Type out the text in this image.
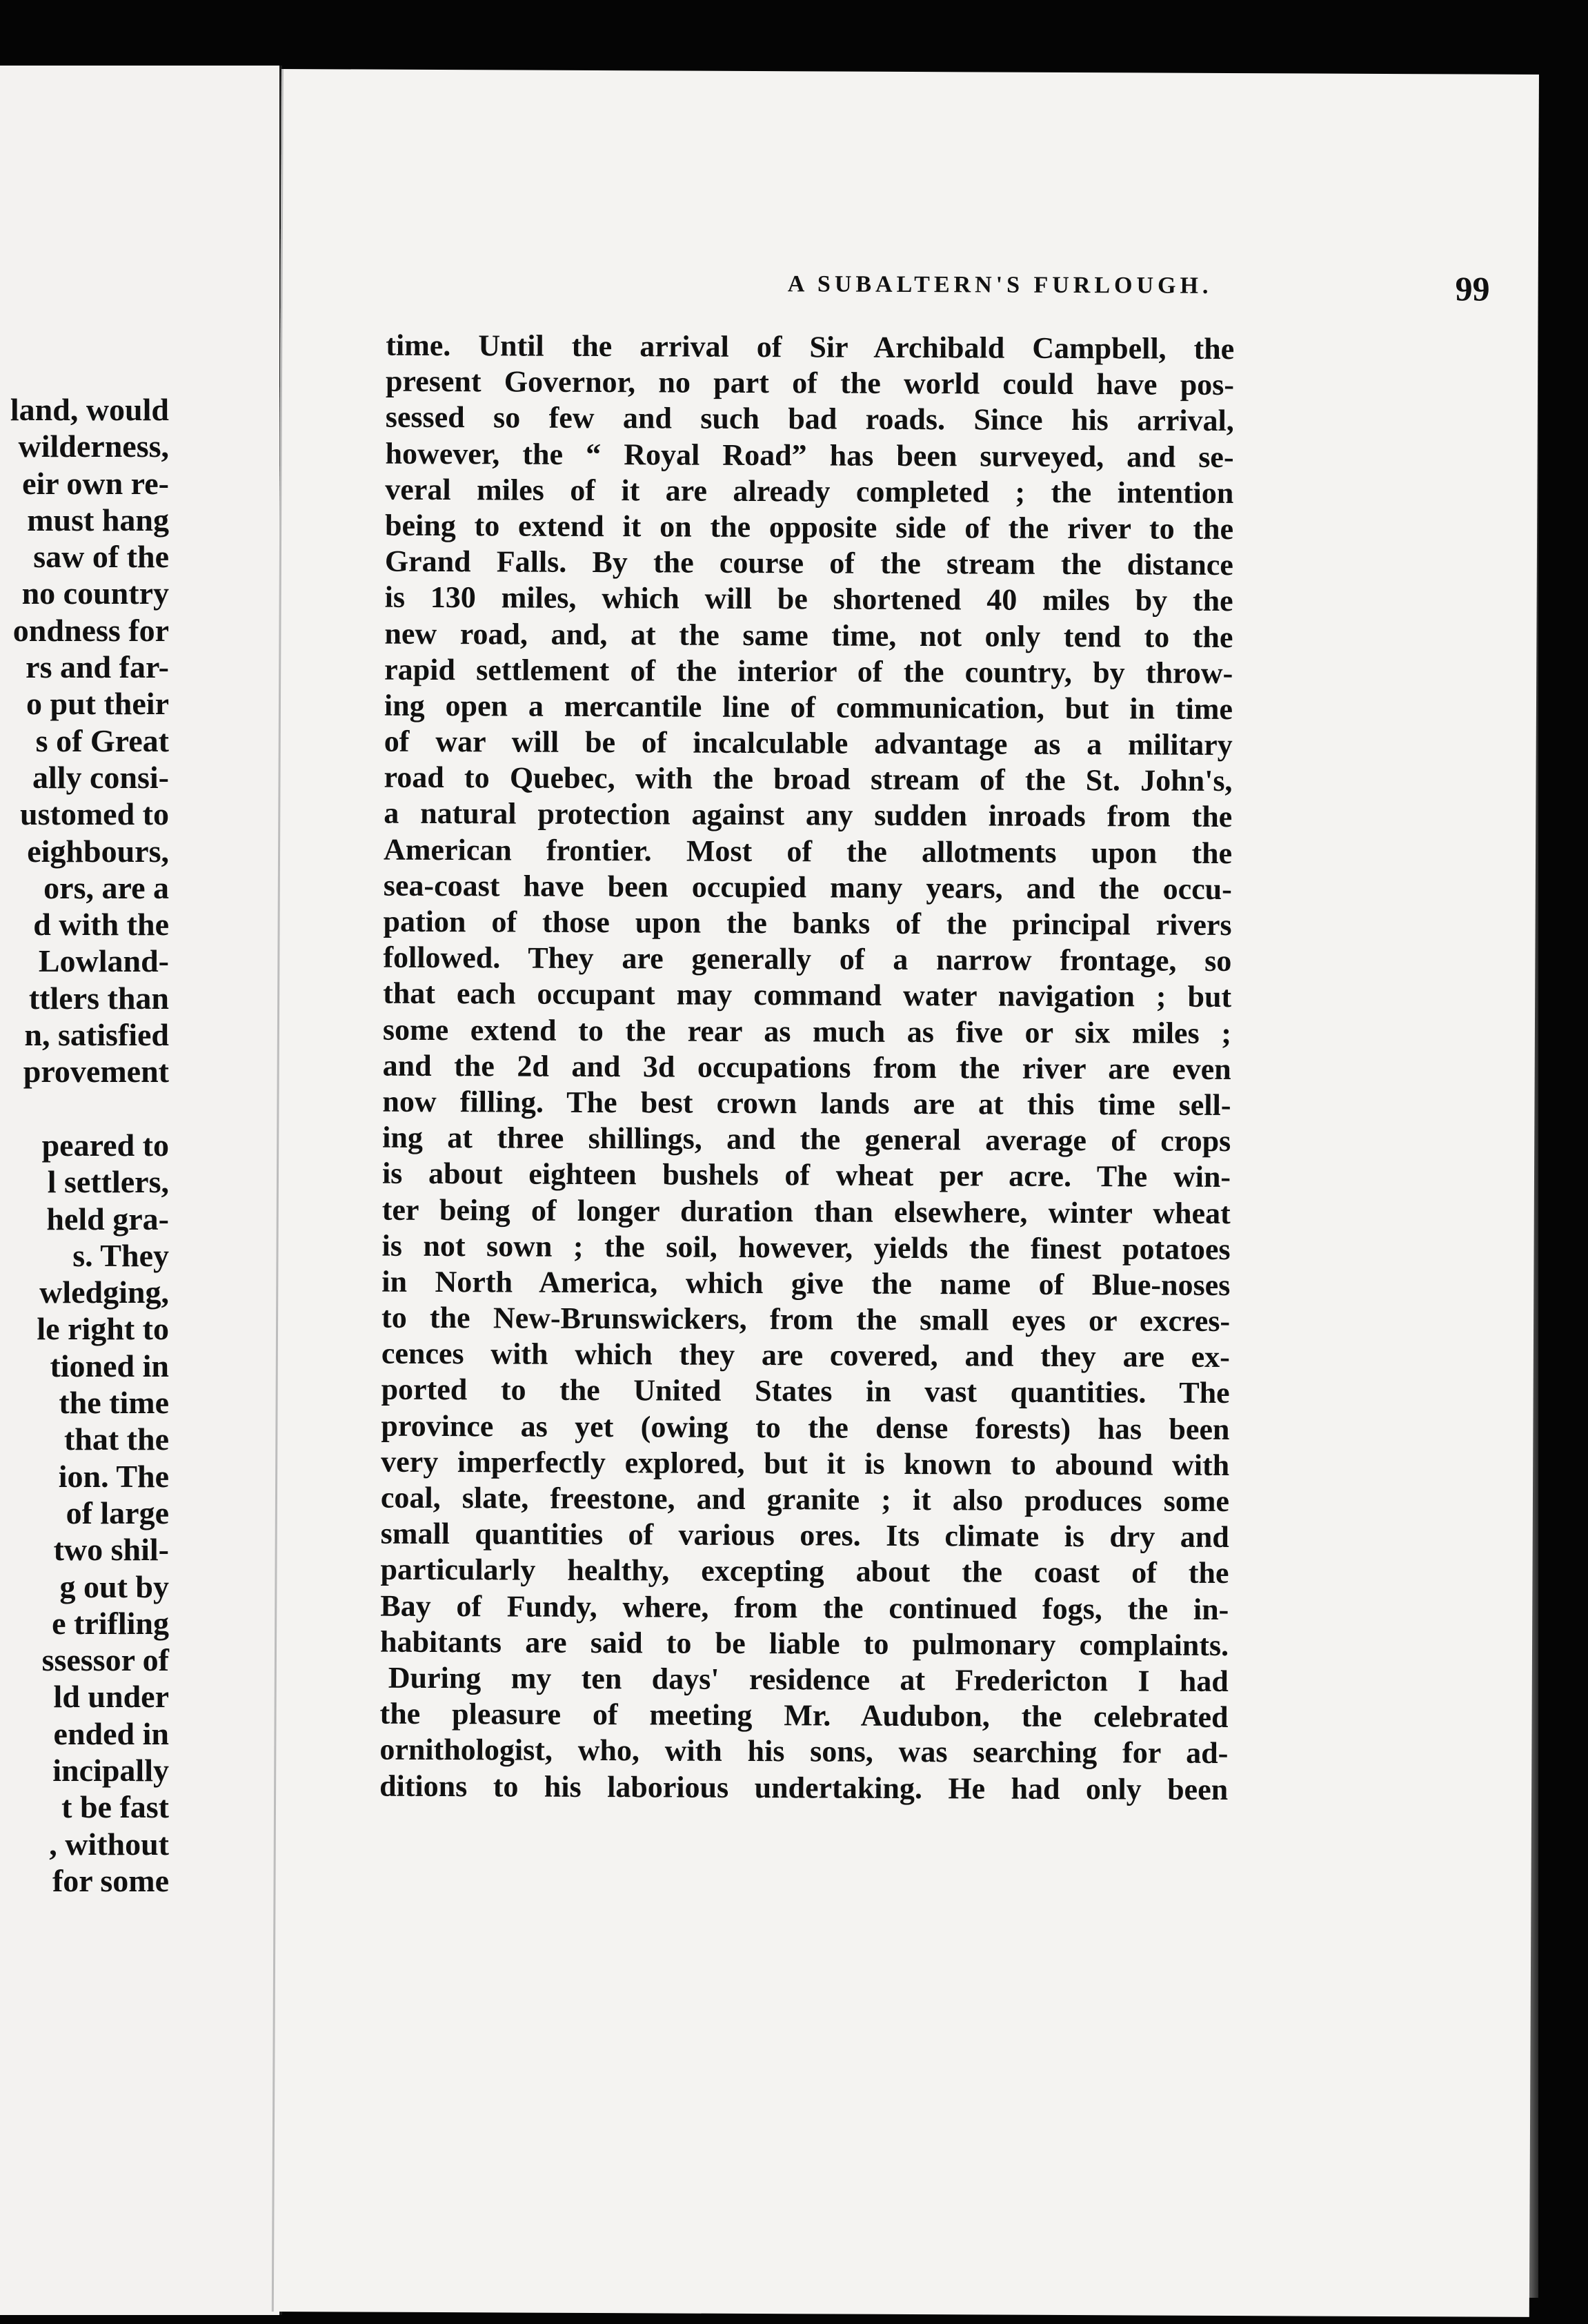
land, would
wilderness,
eir own re-
must hang
saw of the
no country
ondness for
rs and far-
o put their
s of Great
ally consi-
ustomed to
eighbours,
ors, are a
d with the
Lowland-
ttlers than
n, satisfied
provement
peared to
l settlers,
held gra-
s. They
wledging,
le right to
tioned in
the time
that the
ion. The
of large
two shil-
g out by
e trifling
ssessor of
ld under
ended in
incipally
t be fast
, without
for some
A SUBALTERN'S FURLOUGH.	99
time. Until the arrival of Sir Archibald Campbell, the
present Governor, no part of the world could have pos-
sessed so few and such bad roads. Since his arrival,
however, the “ Royal Road” has been surveyed, and se-
veral miles of it are already completed ; the intention
being to extend it on the opposite side of the river to the
Grand Falls. By the course of the stream the distance
is 130 miles, which will be shortened 40 miles by the
new road, and, at the same time, not only tend to the
rapid settlement of the interior of the country, by throw-
ing open a mercantile line of communication, but in time
of war will be of incalculable advantage as a military
road to Quebec, with the broad stream of the St. John's,
a natural protection against any sudden inroads from the
American frontier. Most of the allotments upon the
sea-coast have been occupied many years, and the occu-
pation of those upon the banks of the principal rivers
followed. They are generally of a narrow frontage, so
that each occupant may command water navigation ; but
some extend to the rear as much as five or six miles ;
and the 2d and 3d occupations from the river are even
now filling. The best crown lands are at this time sell-
ing at three shillings, and the general average of crops
is about eighteen bushels of wheat per acre. The win-
ter being of longer duration than elsewhere, winter wheat
is not sown ; the soil, however, yields the finest potatoes
in North America, which give the name of Blue-noses
to the New-Brunswickers, from the small eyes or excres-
cences with which they are covered, and they are ex-
ported to the United States in vast quantities. The
province as yet (owing to the dense forests) has been
very imperfectly explored, but it is known to abound with
coal, slate, freestone, and granite ; it also produces some
small quantities of various ores. Its climate is dry and
particularly healthy, excepting about the coast of the
Bay of Fundy, where, from the continued fogs, the in-
habitants are said to be liable to pulmonary complaints.
During my ten days' residence at Fredericton I had
the pleasure of meeting Mr. Audubon, the celebrated
ornithologist, who, with his sons, was searching for ad-
ditions to his laborious undertaking. He had only been
